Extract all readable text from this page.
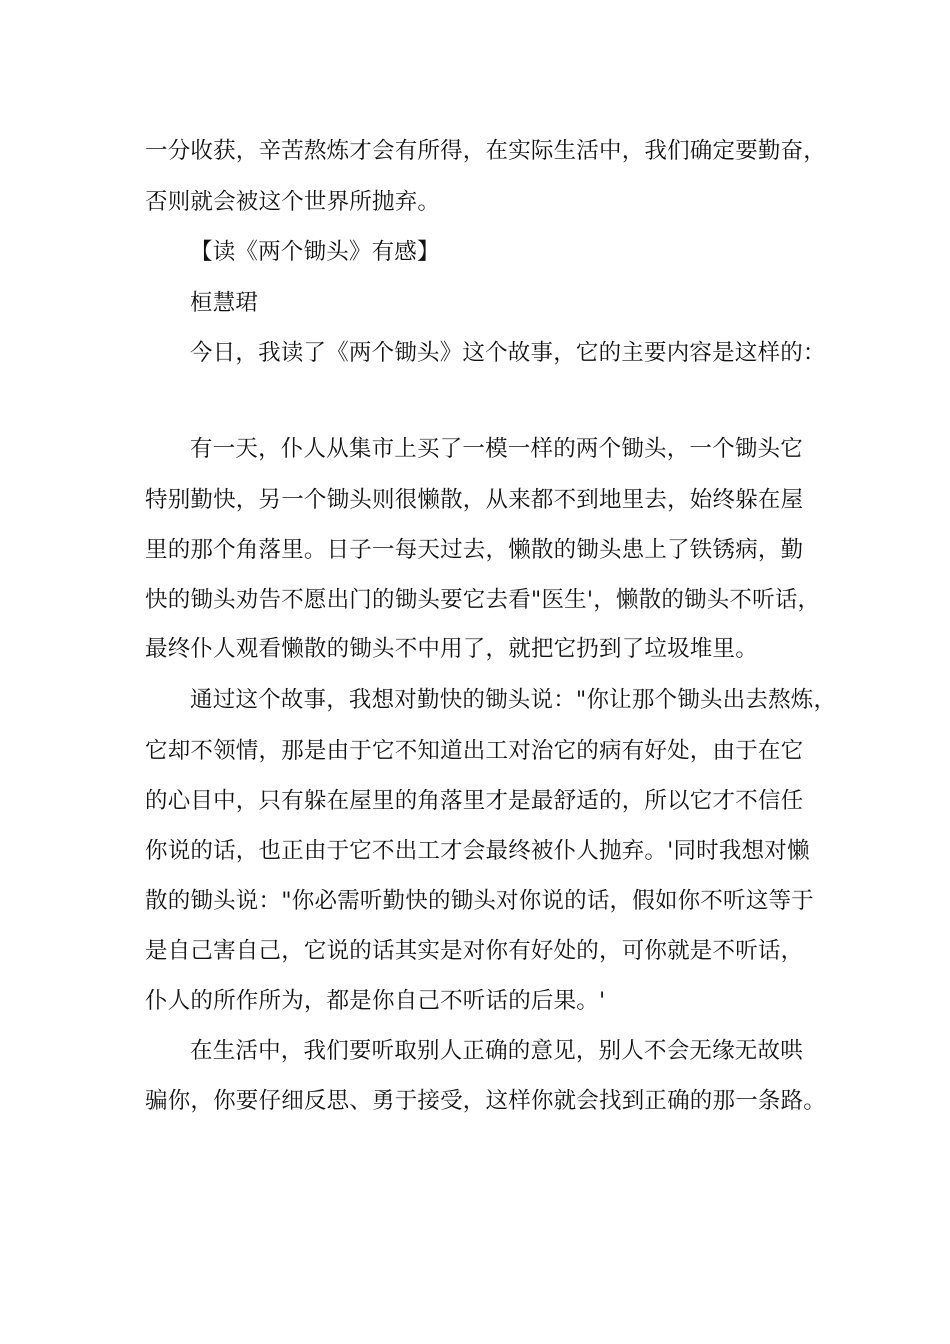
一分收获，辛苦熬炼才会有所得，在实际生活中，我们确定要勤奋，
否则就会被这个世界所抛弃。
【读《两个锄头》有感】
桓慧珺
今日，我读了《两个锄头》这个故事，它的主要内容是这样的：
有一天，仆人从集市上买了一模一样的两个锄头，一个锄头它
特别勤快，另一个锄头则很懒散，从来都不到地里去，始终躲在屋
里的那个角落里。日子一每天过去，懒散的锄头患上了铁锈病，勤
快的锄头劝告不愿出门的锄头要它去看"医生'，懒散的锄头不听话，
最终仆人观看懒散的锄头不中用了，就把它扔到了垃圾堆里。
通过这个故事，我想对勤快的锄头说："你让那个锄头出去熬炼，
它却不领情，那是由于它不知道出工对治它的病有好处，由于在它
的心目中，只有躲在屋里的角落里才是最舒适的，所以它才不信任
你说的话，也正由于它不出工才会最终被仆人抛弃。'同时我想对懒
散的锄头说："你必需听勤快的锄头对你说的话，假如你不听这等于
是自己害自己，它说的话其实是对你有好处的，可你就是不听话，
仆人的所作所为，都是你自己不听话的后果。'
在生活中，我们要听取别人正确的意见，别人不会无缘无故哄
骗你，你要仔细反思、勇于接受，这样你就会找到正确的那一条路。
